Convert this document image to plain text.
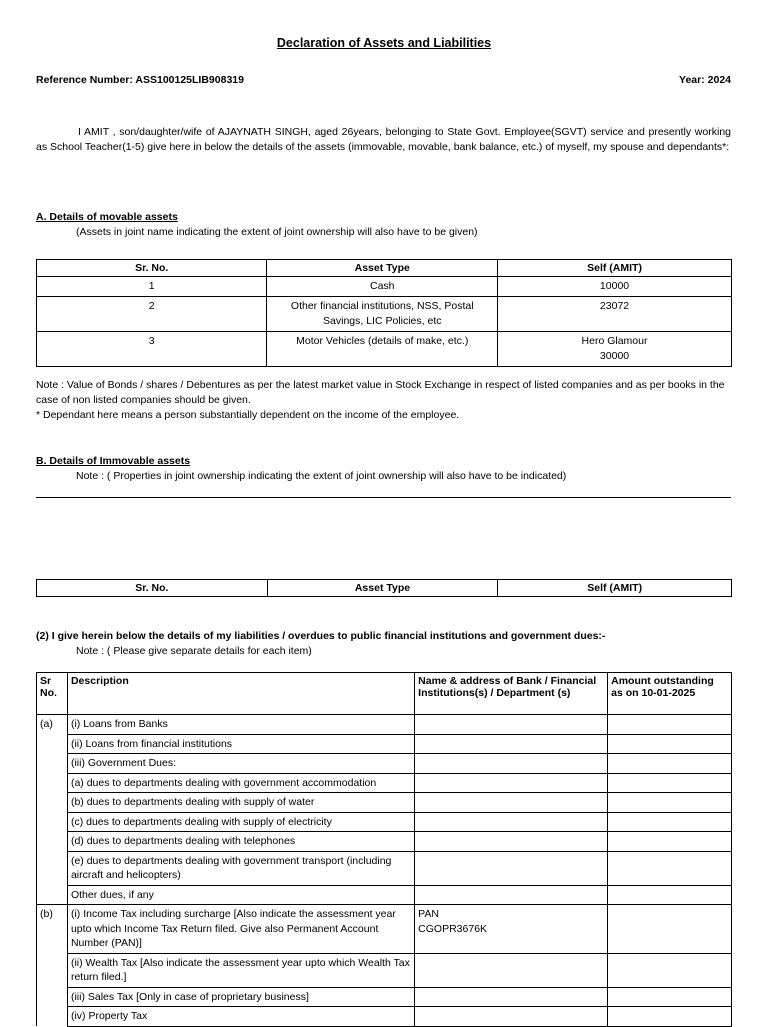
Declaration of Assets and Liabilities
Reference Number: ASS100125LIB908319	Year: 2024
I AMIT , son/daughter/wife of AJAYNATH SINGH, aged 26years, belonging to State Govt. Employee(SGVT) service and presently working as School Teacher(1-5) give here in below the details of the assets (immovable, movable, bank balance, etc.) of myself, my spouse and dependants*:
A. Details of movable assets
(Assets in joint name indicating the extent of joint ownership will also have to be given)
Sr. No.	Asset Type	Self (AMIT)
1	Cash	10000
2	Other financial institutions, NSS, Postal Savings, LIC Policies, etc	23072
3	Motor Vehicles (details of make, etc.)	Hero Glamour 30000
Note : Value of Bonds / shares / Debentures as per the latest market value in Stock Exchange in respect of listed companies and as per books in the case of non listed companies should be given.
* Dependant here means a person substantially dependent on the income of the employee.
B. Details of Immovable assets
Note : ( Properties in joint ownership indicating the extent of joint ownership will also have to be indicated)
Sr. No.	Asset Type	Self (AMIT)
(2) I give herein below the details of my liabilities / overdues to public financial institutions and government dues:-
Note : ( Please give separate details for each item)
Sr No.	Description	Name & address of Bank / Financial Institutions(s) / Department (s)	Amount outstanding as on 10-01-2025
(a)	(i) Loans from Banks		
	(ii) Loans from financial institutions		
	(iii) Government Dues:		
	(a) dues to departments dealing with government accommodation		
	(b) dues to departments dealing with supply of water		
	(c) dues to departments dealing with supply of electricity		
	(d) dues to departments dealing with telephones		
	(e) dues to departments dealing with government transport (including aircraft and helicopters)		
	Other dues, if any		
(b)	(i) Income Tax including surcharge [Also indicate the assessment year upto which Income Tax Return filed. Give also Permanent Account Number (PAN)]	PAN CGOPR3676K	
	(ii) Wealth Tax [Also indicate the assessment year upto which Wealth Tax return filed.]		
	(iii) Sales Tax [Only in case of proprietary business]		
	(iv) Property Tax		
